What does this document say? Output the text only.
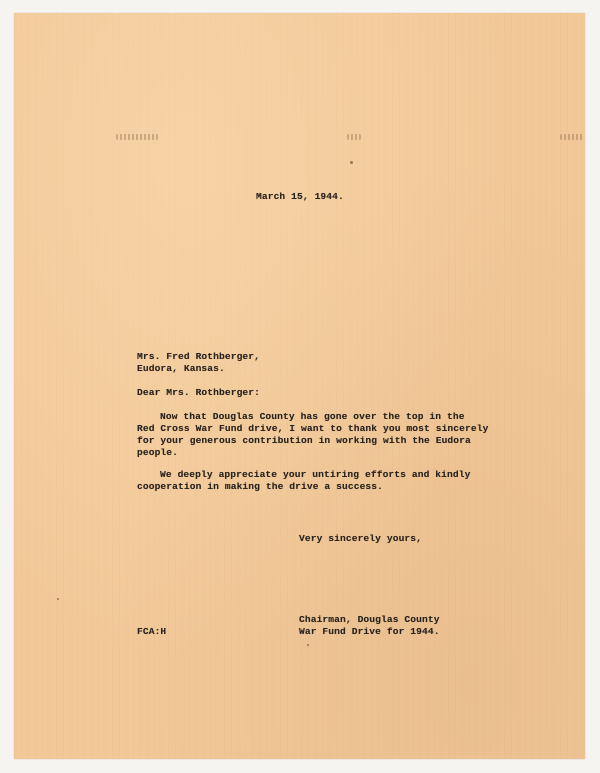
March 15, 1944.

Mrs. Fred Rothberger,

Eudora, Kansas.

Dear Mrs. Rothberger:

Now that Douglas County has gone over the top in the

Red Cross War Fund drive, I want to thank you most sincerely

for your generous contribution in working with the Eudora

people.

We deeply appreciate your untiring efforts and kindly

cooperation in making the drive a success.

Very sincerely yours,

Chairman, Douglas County

War Fund Drive for 1944.

FCA:H
